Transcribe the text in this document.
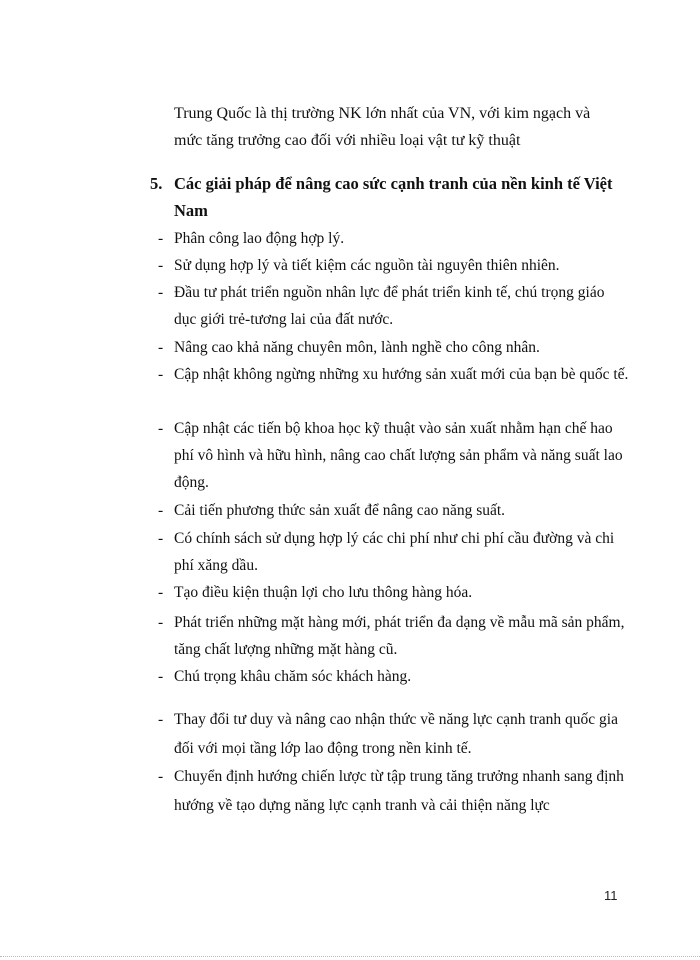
Trung Quốc là thị trường NK lớn nhất của VN, với kim ngạch và
mức tăng trưởng cao đối với nhiều loại vật tư kỹ thuật
5. Các giải pháp để nâng cao sức cạnh tranh của nền kinh tế Việt Nam
- Phân công lao động hợp lý.
- Sử dụng hợp lý và tiết kiệm các nguồn tài nguyên thiên nhiên.
- Đầu tư phát triển nguồn nhân lực để phát triển kinh tế, chú trọng giáo dục giới trẻ-tương lai của đất nước.
- Nâng cao khả năng chuyên môn, lành nghề cho công nhân.
- Cập nhật không ngừng những xu hướng sản xuất mới của bạn bè quốc tế.
- Cập nhật các tiến bộ khoa học kỹ thuật vào sản xuất nhằm hạn chế hao phí vô hình và hữu hình, nâng cao chất lượng sản phẩm và năng suất lao động.
- Cải tiến phương thức sản xuất để nâng cao năng suất.
- Có chính sách sử dụng hợp lý các chi phí như chi phí cầu đường và chi phí xăng dầu.
- Tạo điều kiện thuận lợi cho lưu thông hàng hóa.
- Phát triển những mặt hàng mới, phát triển đa dạng về mẫu mã sản phẩm, tăng chất lượng những mặt hàng cũ.
- Chú trọng khâu chăm sóc khách hàng.
- Thay đổi tư duy và nâng cao nhận thức về năng lực cạnh tranh quốc gia đối với mọi tầng lớp lao động trong nền kinh tế.
- Chuyển định hướng chiến lược từ tập trung tăng trưởng nhanh sang định hướng về tạo dựng năng lực cạnh tranh và cải thiện năng lực
11
